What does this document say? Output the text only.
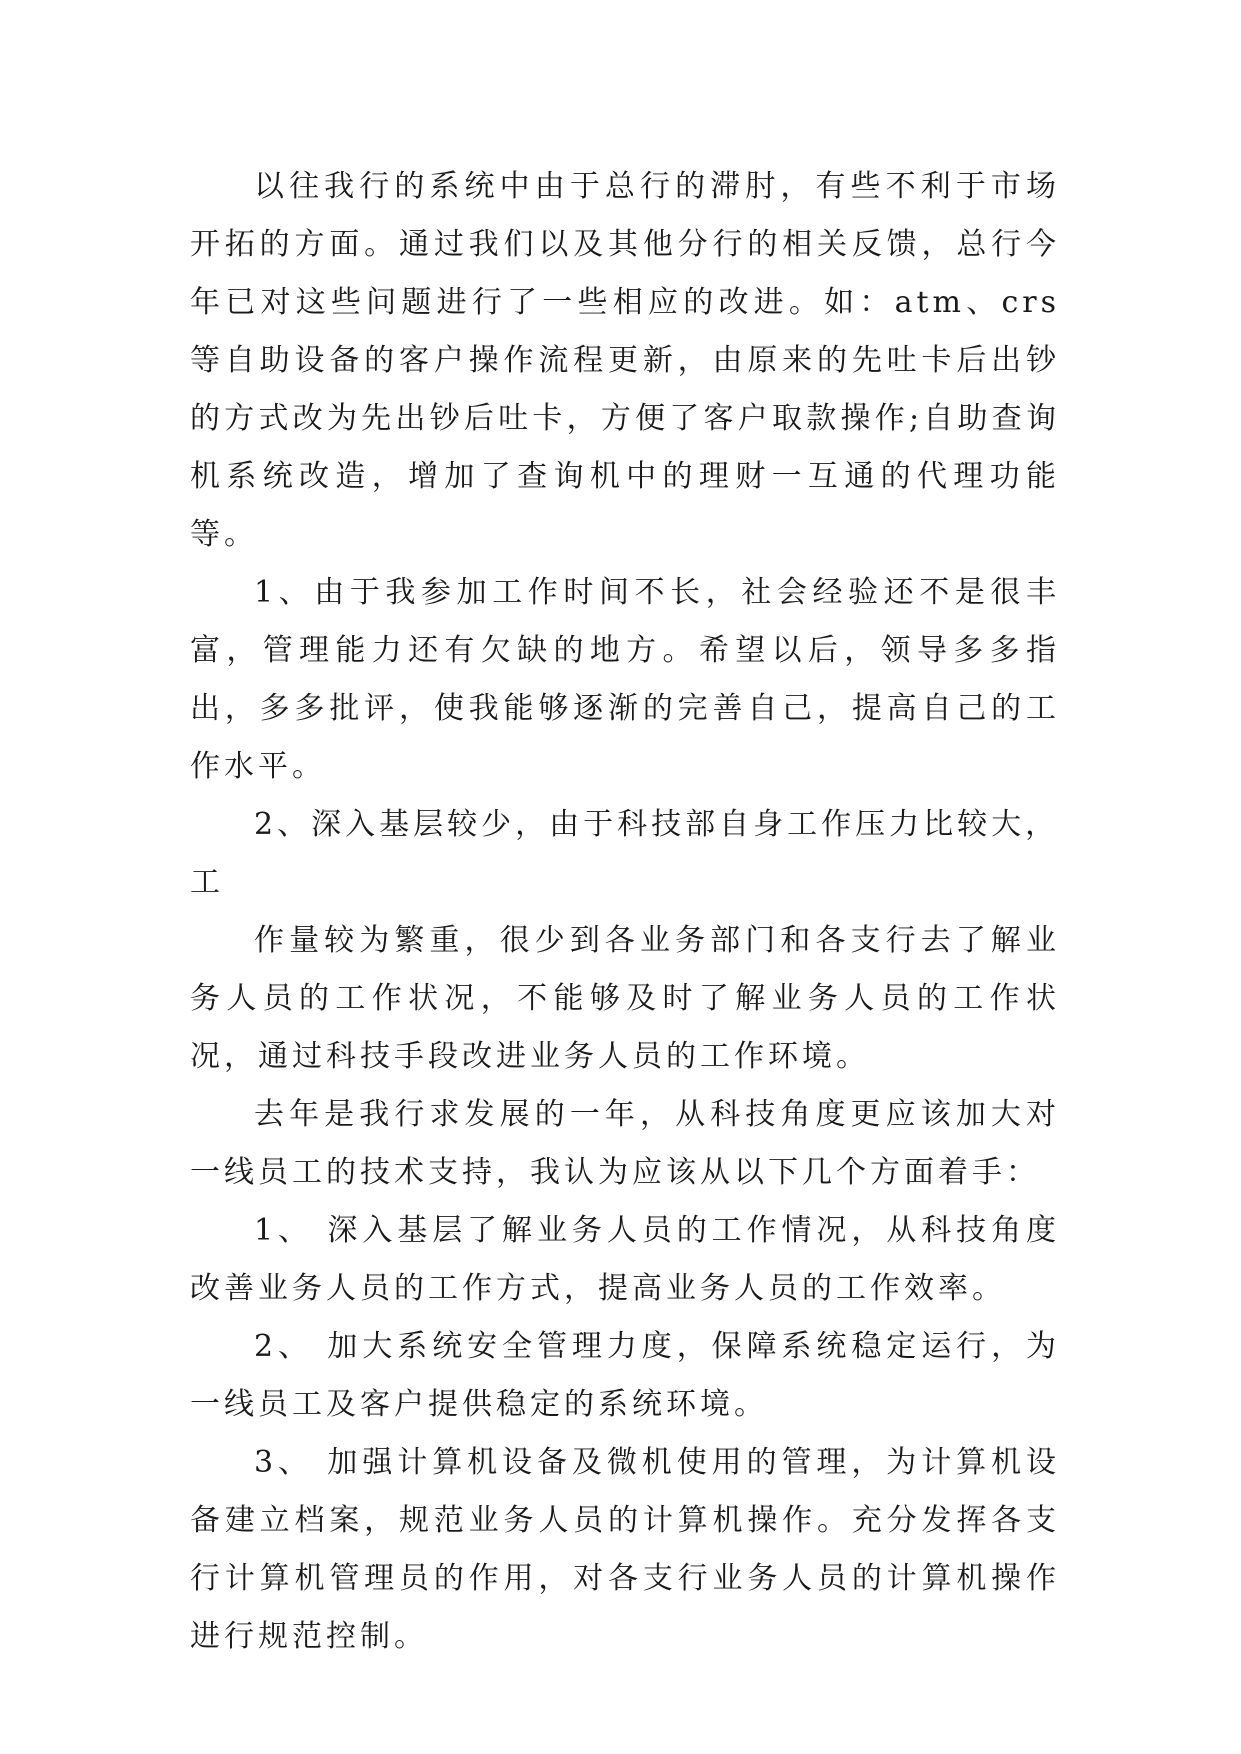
以往我行的系统中由于总行的滞肘，有些不利于市场开拓的方面。通过我们以及其他分行的相关反馈，总行今年已对这些问题进行了一些相应的改进。如：atm、crs 等自助设备的客户操作流程更新，由原来的先吐卡后出钞的方式改为先出钞后吐卡，方便了客户取款操作;自助查询机系统改造，增加了查询机中的理财一互通的代理功能等。

1、由于我参加工作时间不长，社会经验还不是很丰富，管理能力还有欠缺的地方。希望以后，领导多多指出，多多批评，使我能够逐渐的完善自己，提高自己的工作水平。

2、深入基层较少，由于科技部自身工作压力比较大，

工

作量较为繁重，很少到各业务部门和各支行去了解业务人员的工作状况，不能够及时了解业务人员的工作状况，通过科技手段改进业务人员的工作环境。

去年是我行求发展的一年，从科技角度更应该加大对一线员工的技术支持，我认为应该从以下几个方面着手：

1、 深入基层了解业务人员的工作情况，从科技角度改善业务人员的工作方式，提高业务人员的工作效率。

2、 加大系统安全管理力度，保障系统稳定运行，为一线员工及客户提供稳定的系统环境。

3、 加强计算机设备及微机使用的管理，为计算机设备建立档案，规范业务人员的计算机操作。充分发挥各支行计算机管理员的作用，对各支行业务人员的计算机操作进行规范控制。
